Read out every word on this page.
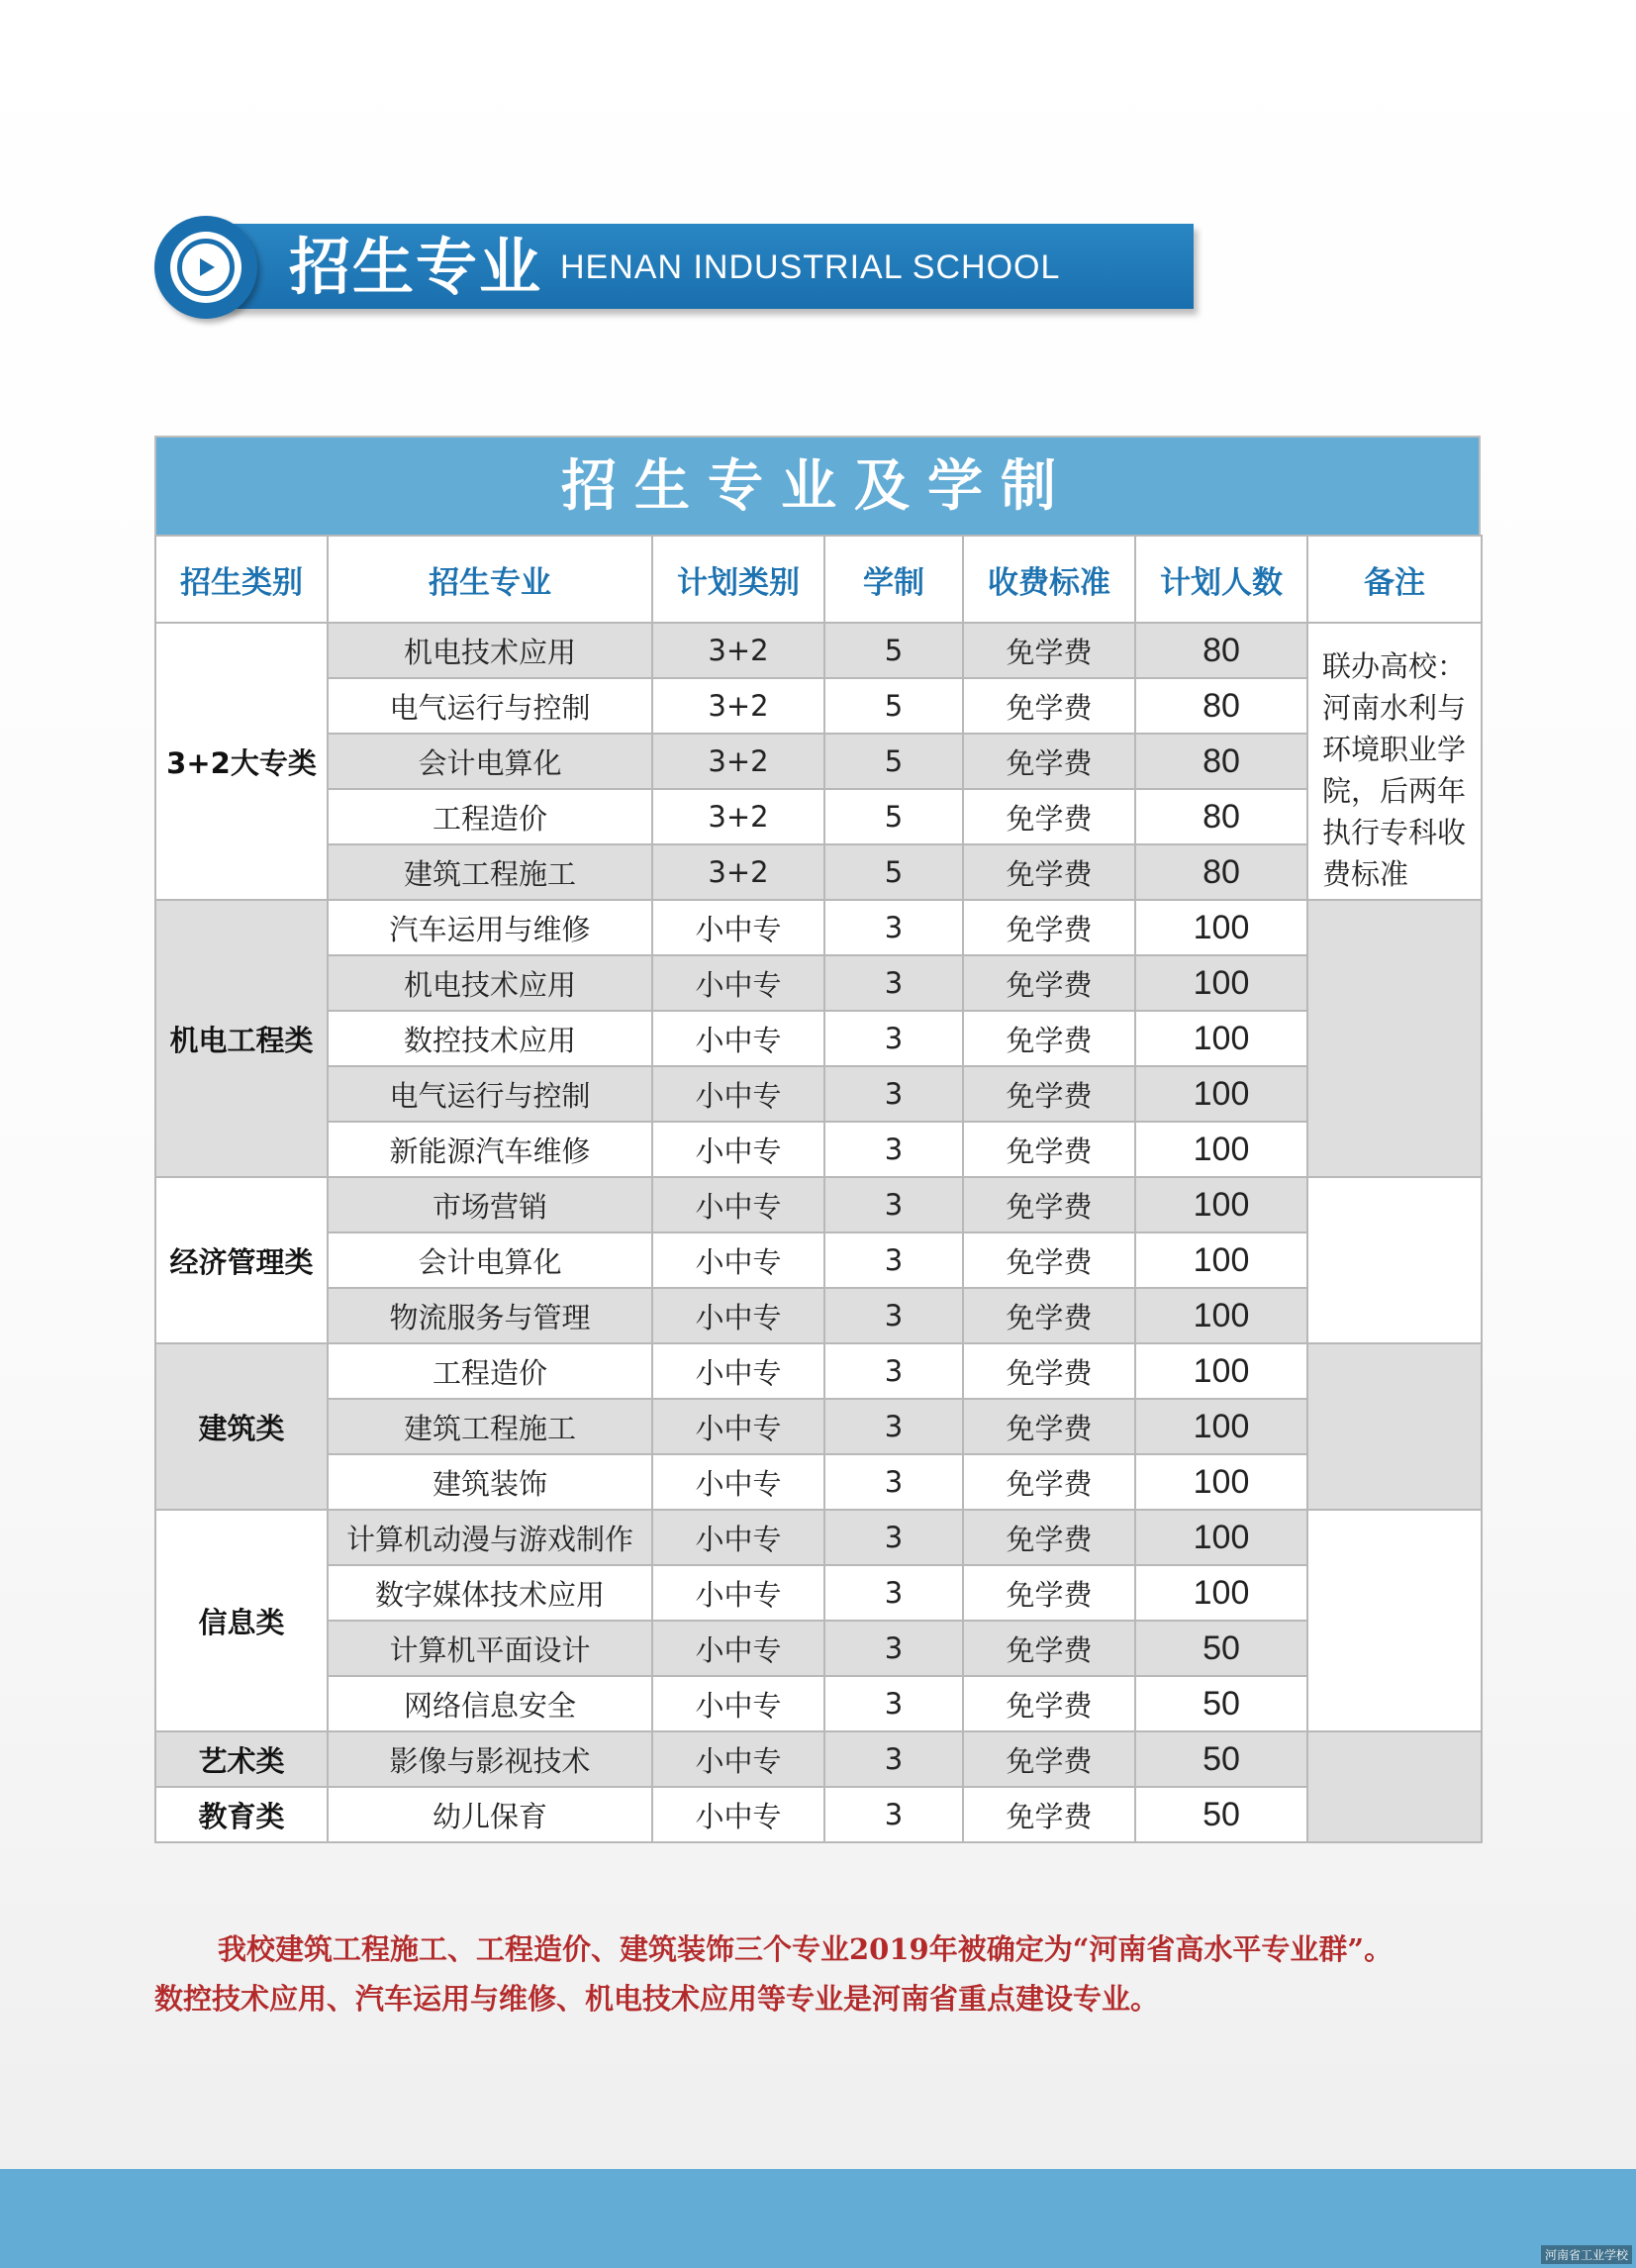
招生专业 HENAN INDUSTRIAL SCHOOL
招生专业及学制
招生类别	招生专业	计划类别	学制	收费标准	计划人数	备注
3+2大专类	机电技术应用	3+2	5	免学费	80	联办高校：河南水利与环境职业学院，后两年执行专科收费标准
	电气运行与控制	3+2	5	免学费	80	
	会计电算化	3+2	5	免学费	80	
	工程造价	3+2	5	免学费	80	
	建筑工程施工	3+2	5	免学费	80	
机电工程类	汽车运用与维修	小中专	3	免学费	100	
	机电技术应用	小中专	3	免学费	100	
	数控技术应用	小中专	3	免学费	100	
	电气运行与控制	小中专	3	免学费	100	
	新能源汽车维修	小中专	3	免学费	100	
经济管理类	市场营销	小中专	3	免学费	100	
	会计电算化	小中专	3	免学费	100	
	物流服务与管理	小中专	3	免学费	100	
建筑类	工程造价	小中专	3	免学费	100	
	建筑工程施工	小中专	3	免学费	100	
	建筑装饰	小中专	3	免学费	100	
信息类	计算机动漫与游戏制作	小中专	3	免学费	100	
	数字媒体技术应用	小中专	3	免学费	100	
	计算机平面设计	小中专	3	免学费	50	
	网络信息安全	小中专	3	免学费	50	
艺术类	影像与影视技术	小中专	3	免学费	50	
教育类	幼儿保育	小中专	3	免学费	50	

我校建筑工程施工、工程造价、建筑装饰三个专业2019年被确定为“河南省高水平专业群”。

数控技术应用、汽车运用与维修、机电技术应用等专业是河南省重点建设专业。

河南省工业学校
